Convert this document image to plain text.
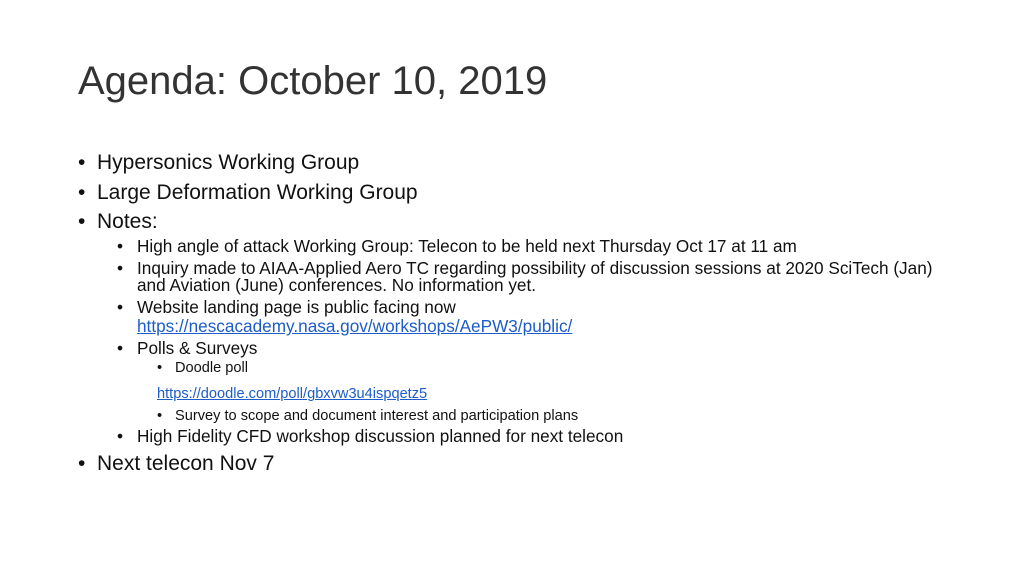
Agenda: October 10, 2019
• Hypersonics Working Group
• Large Deformation Working Group
• Notes:
• High angle of attack Working Group: Telecon to be held next Thursday Oct 17 at 11 am
• Inquiry made to AIAA-Applied Aero TC regarding possibility of discussion sessions at 2020 SciTech (Jan) and Aviation (June) conferences. No information yet.
• Website landing page is public facing now
https://nescacademy.nasa.gov/workshops/AePW3/public/
• Polls & Surveys
• Doodle poll
https://doodle.com/poll/gbxvw3u4ispqetz5
• Survey to scope and document interest and participation plans
• High Fidelity CFD workshop discussion planned for next telecon
• Next telecon Nov 7
